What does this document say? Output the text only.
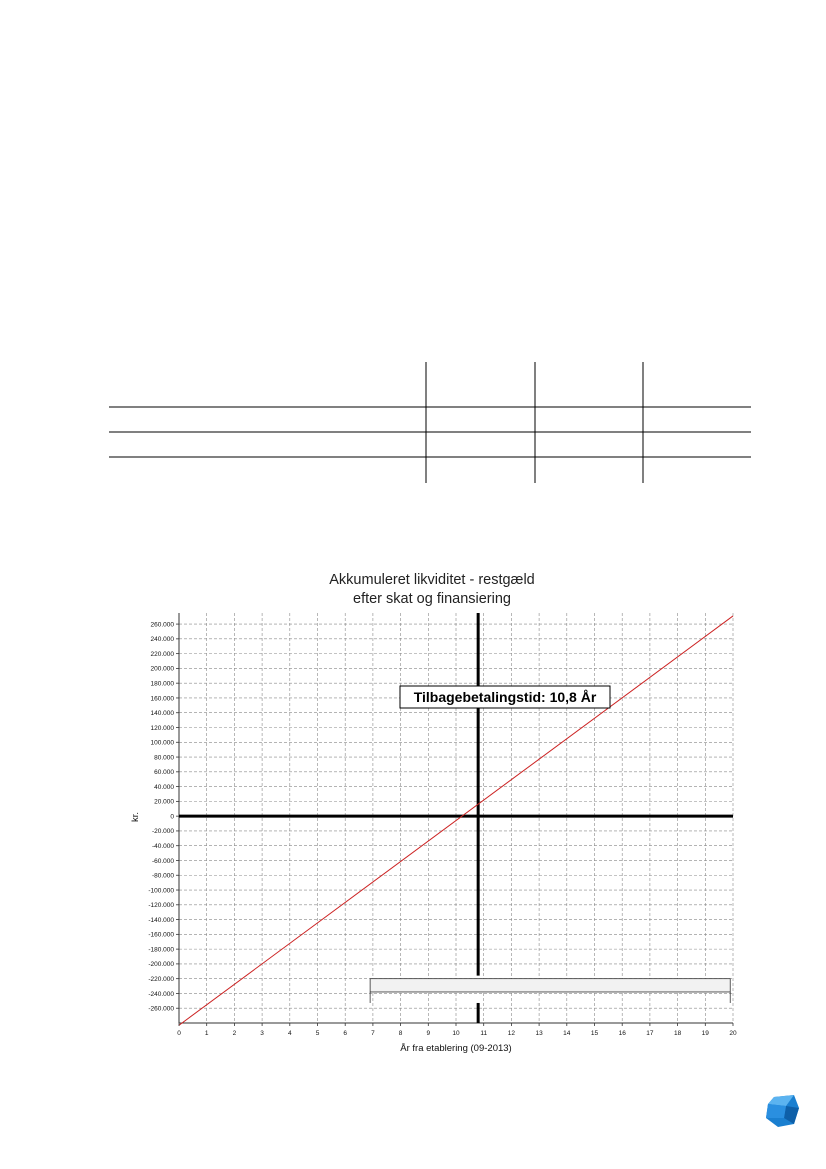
Akkumuleret likviditet - restgæld
efter skat og finansiering
Tilbagebetalingstid: 10,8 År
0	1	2	3	4	5	6	7	8	9	10	11	12	13	14	15	16	17	18	19	20
260.000
240.000
220.000
200.000
180.000
160.000
140.000
120.000
100.000
80.000
60.000
40.000
20.000
0
-20.000
-40.000
-60.000
-80.000
-100.000
-120.000
-140.000
-160.000
-180.000
-200.000
-220.000
-240.000
-260.000
År fra etablering (09-2013)
kr.
